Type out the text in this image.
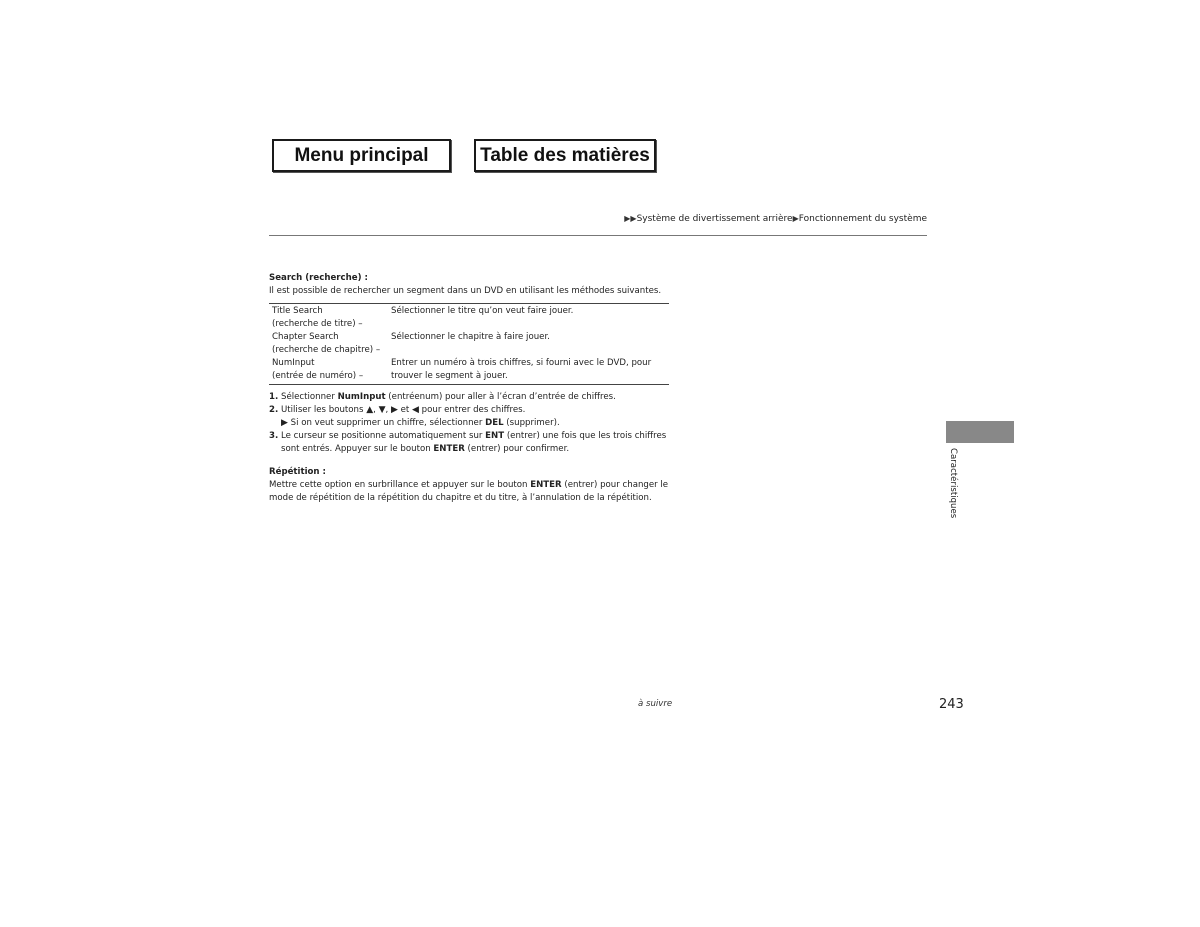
Menu principal	Table des matières
▶▶Système de divertissement arrière▶Fonctionnement du système

Search (recherche) :

Il est possible de rechercher un segment dans un DVD en utilisant les méthodes suivantes.

Title Search
(recherche de titre) –	Sélectionner le titre qu’on veut faire jouer.
Chapter Search
(recherche de chapitre) –	Sélectionner le chapitre à faire jouer.
NumInput
(entrée de numéro) –	Entrer un numéro à trois chiffres, si fourni avec le DVD, pour
trouver le segment à jouer.
1. Sélectionner NumInput (entréenum) pour aller à l’écran d’entrée de chiffres.
2. Utiliser les boutons ▲, ▼, ▶ et ◀ pour entrer des chiffres.
▶ Si on veut supprimer un chiffre, sélectionner DEL (supprimer).
3. Le curseur se positionne automatiquement sur ENT (entrer) une fois que les trois chiffres
sont entrés. Appuyer sur le bouton ENTER (entrer) pour confirmer.

Répétition :

Mettre cette option en surbrillance et appuyer sur le bouton ENTER (entrer) pour changer le
mode de répétition de la répétition du chapitre et du titre, à l’annulation de la répétition.	Caractéristiques
à suivre	243
